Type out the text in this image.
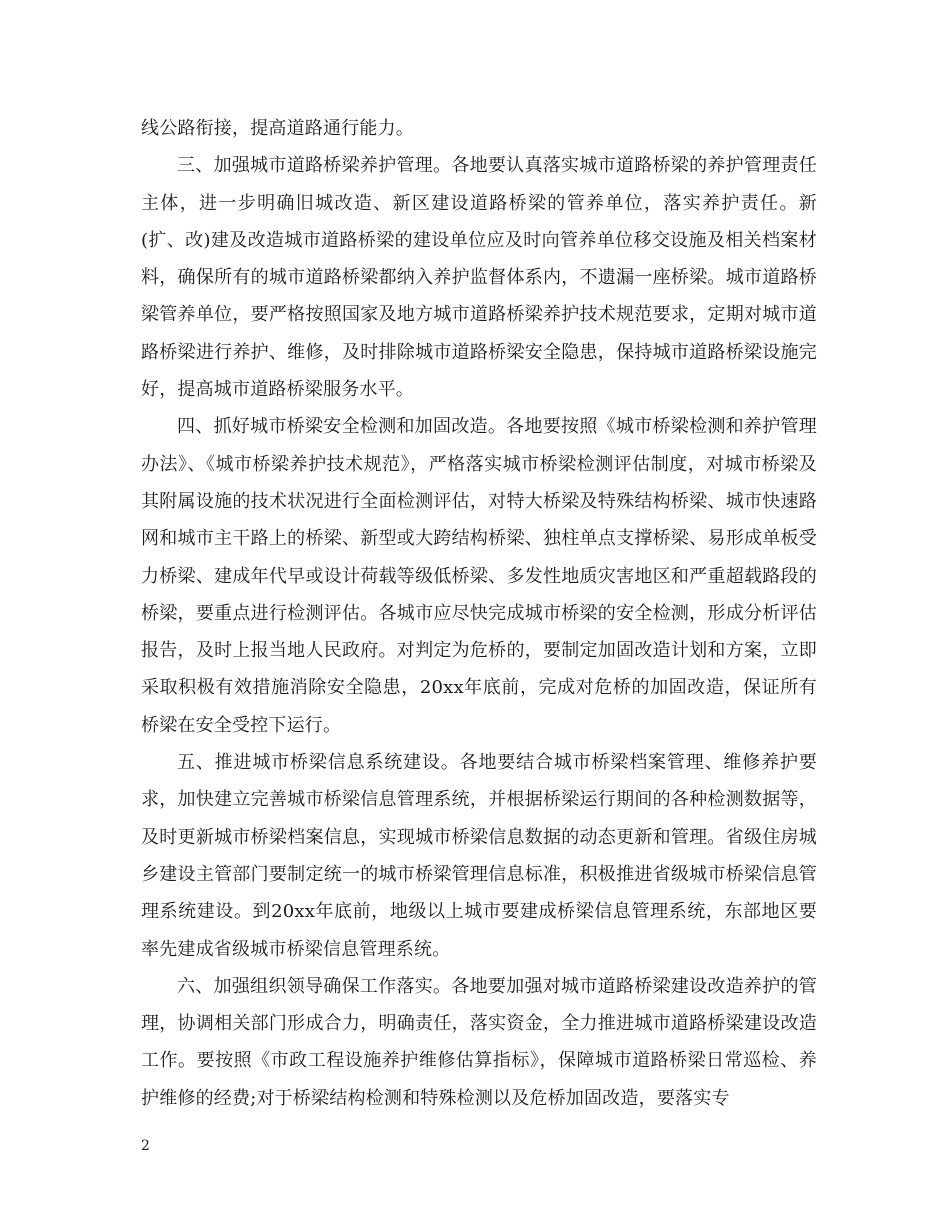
线公路衔接，提高道路通行能力。

三、加强城市道路桥梁养护管理。各地要认真落实城市道路桥梁的养护管理责任主体，进一步明确旧城改造、新区建设道路桥梁的管养单位，落实养护责任。新(扩、改)建及改造城市道路桥梁的建设单位应及时向管养单位移交设施及相关档案材料，确保所有的城市道路桥梁都纳入养护监督体系内，不遗漏一座桥梁。城市道路桥梁管养单位，要严格按照国家及地方城市道路桥梁养护技术规范要求，定期对城市道路桥梁进行养护、维修，及时排除城市道路桥梁安全隐患，保持城市道路桥梁设施完好，提高城市道路桥梁服务水平。

四、抓好城市桥梁安全检测和加固改造。各地要按照《城市桥梁检测和养护管理办法》、《城市桥梁养护技术规范》，严格落实城市桥梁检测评估制度，对城市桥梁及其附属设施的技术状况进行全面检测评估，对特大桥梁及特殊结构桥梁、城市快速路网和城市主干路上的桥梁、新型或大跨结构桥梁、独柱单点支撑桥梁、易形成单板受力桥梁、建成年代早或设计荷载等级低桥梁、多发性地质灾害地区和严重超载路段的桥梁，要重点进行检测评估。各城市应尽快完成城市桥梁的安全检测，形成分析评估报告，及时上报当地人民政府。对判定为危桥的，要制定加固改造计划和方案，立即采取积极有效措施消除安全隐患，20xx年底前，完成对危桥的加固改造，保证所有桥梁在安全受控下运行。

五、推进城市桥梁信息系统建设。各地要结合城市桥梁档案管理、维修养护要求，加快建立完善城市桥梁信息管理系统，并根据桥梁运行期间的各种检测数据等，及时更新城市桥梁档案信息，实现城市桥梁信息数据的动态更新和管理。省级住房城乡建设主管部门要制定统一的城市桥梁管理信息标准，积极推进省级城市桥梁信息管理系统建设。到20xx年底前，地级以上城市要建成桥梁信息管理系统，东部地区要率先建成省级城市桥梁信息管理系统。

六、加强组织领导确保工作落实。各地要加强对城市道路桥梁建设改造养护的管理，协调相关部门形成合力，明确责任，落实资金，全力推进城市道路桥梁建设改造工作。要按照《市政工程设施养护维修估算指标》，保障城市道路桥梁日常巡检、养护维修的经费;对于桥梁结构检测和特殊检测以及危桥加固改造，要落实专

2
